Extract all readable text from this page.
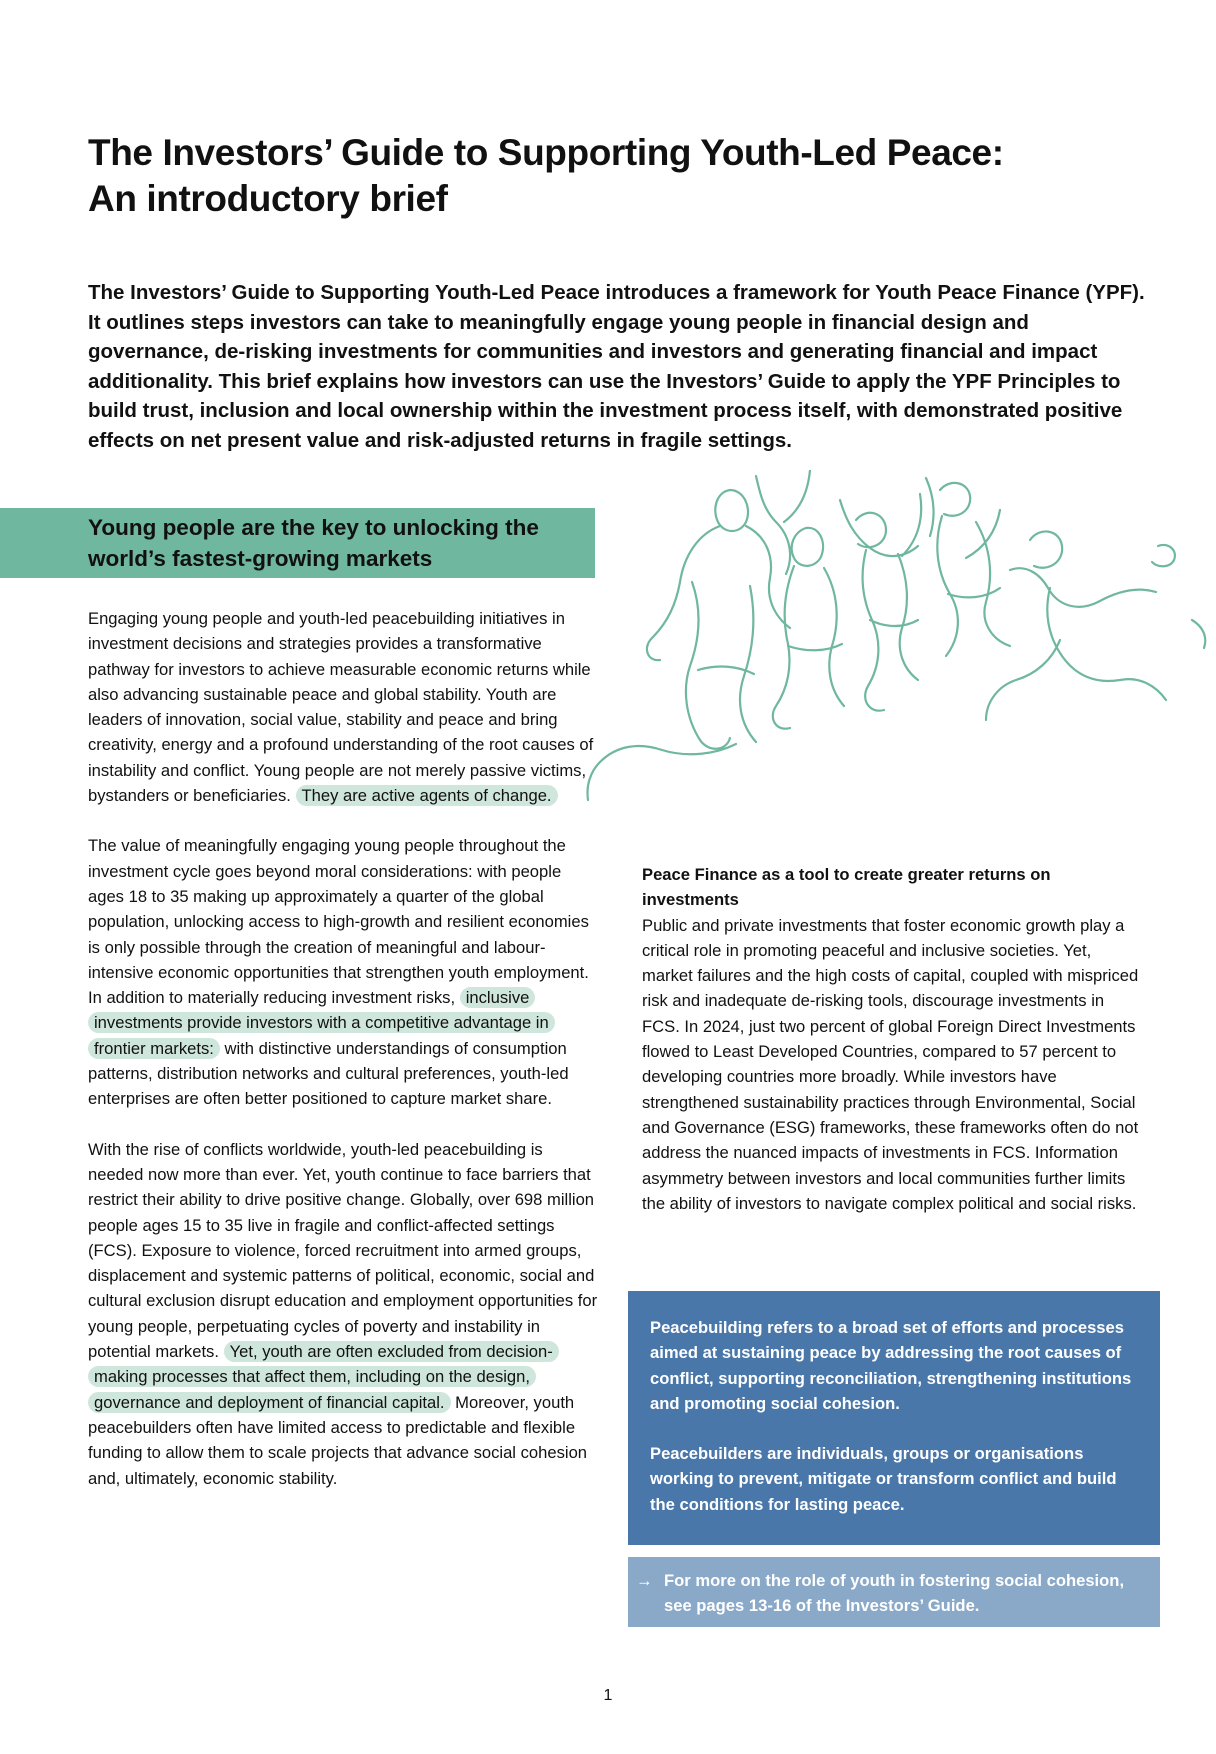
The Investors’ Guide to Supporting Youth-Led Peace:
An introductory brief

The Investors’ Guide to Supporting Youth-Led Peace introduces a framework for Youth Peace Finance (YPF). It outlines steps investors can take to meaningfully engage young people in financial design and governance, de-risking investments for communities and investors and generating financial and impact additionality. This brief explains how investors can use the Investors’ Guide to apply the YPF Principles to build trust, inclusion and local ownership within the investment process itself, with demonstrated positive effects on net present value and risk-adjusted returns in fragile settings.

Young people are the key to unlocking the
world’s fastest-growing markets

Engaging young people and youth-led peacebuilding initiatives in investment decisions and strategies provides a transformative pathway for investors to achieve measurable economic returns while also advancing sustainable peace and global stability. Youth are leaders of innovation, social value, stability and peace and bring creativity, energy and a profound understanding of the root causes of instability and conflict. Young people are not merely passive victims, bystanders or beneficiaries. They are active agents of change.

The value of meaningfully engaging young people throughout the investment cycle goes beyond moral considerations: with people ages 18 to 35 making up approximately a quarter of the global population, unlocking access to high-growth and resilient economies is only possible through the creation of meaningful and labour-intensive economic opportunities that strengthen youth employment. In addition to materially reducing investment risks, inclusive investments provide investors with a competitive advantage in frontier markets: with distinctive understandings of consumption patterns, distribution networks and cultural preferences, youth-led enterprises are often better positioned to capture market share.

With the rise of conflicts worldwide, youth-led peacebuilding is needed now more than ever. Yet, youth continue to face barriers that restrict their ability to drive positive change. Globally, over 698 million people ages 15 to 35 live in fragile and conflict-affected settings (FCS). Exposure to violence, forced recruitment into armed groups, displacement and systemic patterns of political, economic, social and cultural exclusion disrupt education and employment opportunities for young people, perpetuating cycles of poverty and instability in potential markets. Yet, youth are often excluded from decision-making processes that affect them, including on the design, governance and deployment of financial capital. Moreover, youth peacebuilders often have limited access to predictable and flexible funding to allow them to scale projects that advance social cohesion and, ultimately, economic stability.

Peace Finance as a tool to create greater returns on investments

Public and private investments that foster economic growth play a critical role in promoting peaceful and inclusive societies. Yet, market failures and the high costs of capital, coupled with mispriced risk and inadequate de-risking tools, discourage investments in FCS. In 2024, just two percent of global Foreign Direct Investments flowed to Least Developed Countries, compared to 57 percent to developing countries more broadly. While investors have strengthened sustainability practices through Environmental, Social and Governance (ESG) frameworks, these frameworks often do not address the nuanced impacts of investments in FCS. Information asymmetry between investors and local communities further limits the ability of investors to navigate complex political and social risks.

Peacebuilding refers to a broad set of efforts and processes aimed at sustaining peace by addressing the root causes of conflict, supporting reconciliation, strengthening institutions and promoting social cohesion.

Peacebuilders are individuals, groups or organisations working to prevent, mitigate or transform conflict and build the conditions for lasting peace.

→ For more on the role of youth in fostering social cohesion, see pages 13-16 of the Investors’ Guide.
1
